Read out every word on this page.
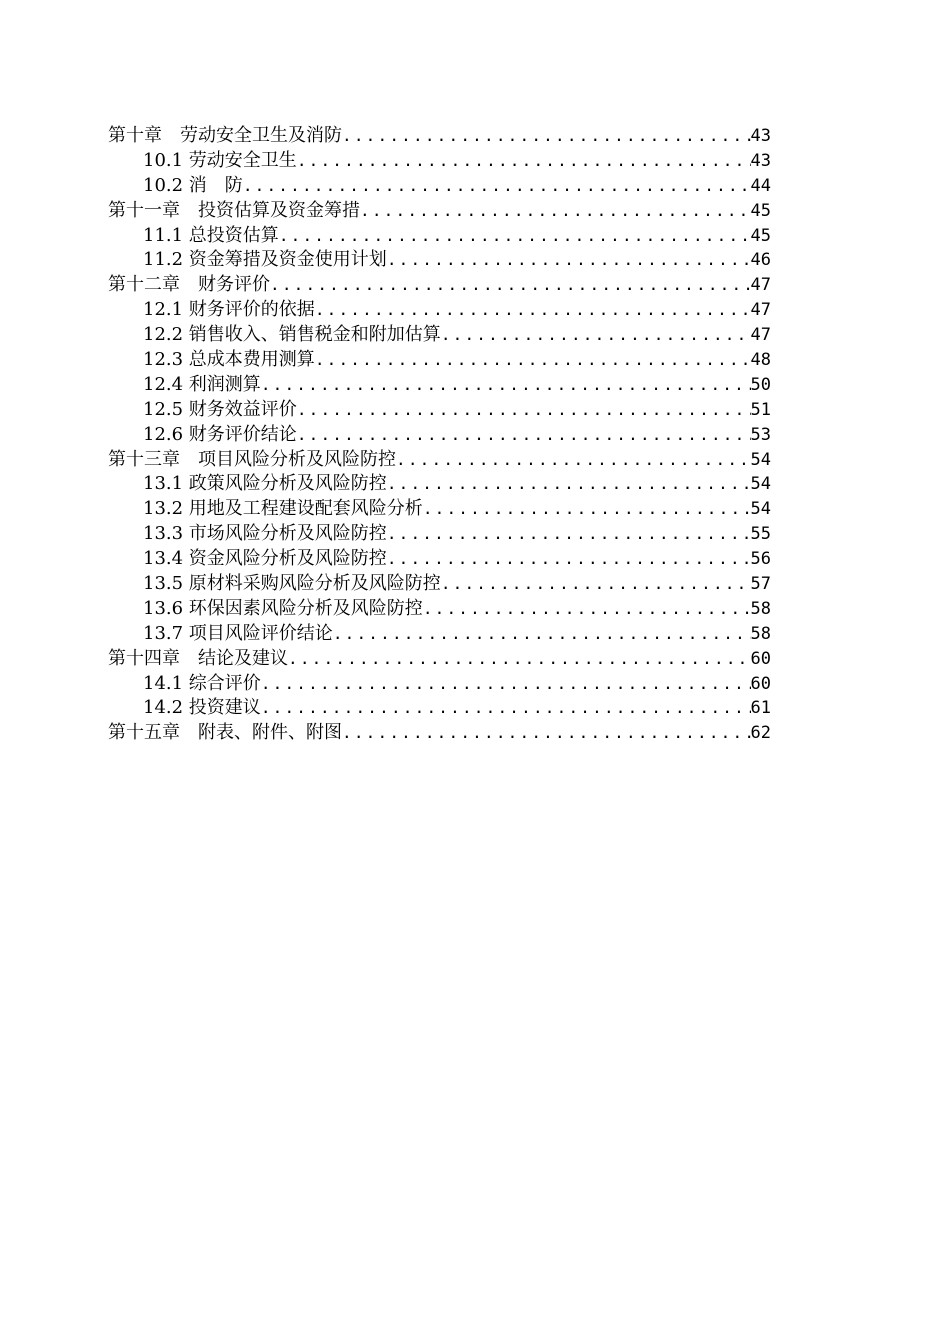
第十章　劳动安全卫生及消防 .....	43
10.1 劳动安全卫生 .....	43
10.2 消　防 .....	44
第十一章　投资估算及资金筹措 .....	45
11.1 总投资估算 .....	45
11.2 资金筹措及资金使用计划 .....	46
第十二章　财务评价 .....	47
12.1 财务评价的依据 .....	47
12.2 销售收入、销售税金和附加估算 .....	47
12.3 总成本费用测算 .....	48
12.4 利润测算 .....	50
12.5 财务效益评价 .....	51
12.6 财务评价结论 .....	53
第十三章　项目风险分析及风险防控 .....	54
13.1 政策风险分析及风险防控 .....	54
13.2 用地及工程建设配套风险分析 .....	54
13.3 市场风险分析及风险防控 .....	55
13.4 资金风险分析及风险防控 .....	56
13.5 原材料采购风险分析及风险防控 .....	57
13.6 环保因素风险分析及风险防控 .....	58
13.7 项目风险评价结论 .....	58
第十四章　结论及建议 .....	60
14.1 综合评价 .....	60
14.2 投资建议 .....	61
第十五章　附表、附件、附图 .....	62
